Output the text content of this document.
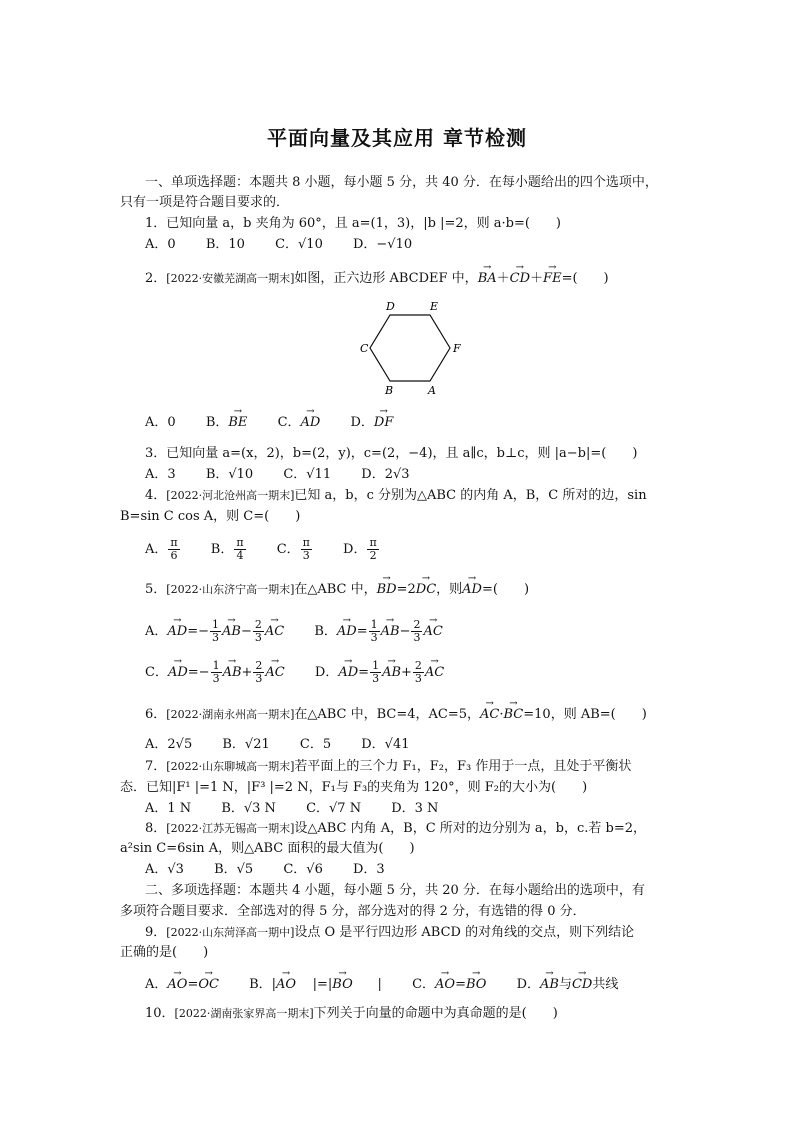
平面向量及其应用 章节检测
一、单项选择题：本题共 8 小题，每小题 5 分，共 40 分．在每小题给出的四个选项中，
只有一项是符合题目要求的．
1．已知向量 a，b 夹角为 60°，且 a=(1，3)，|b |=2，则 a·b=(　　)
A．0 B．10 C．√10 D．−√10
2．[2022·安徽芜湖高一期末]如图，正六边形 ABCDEF 中，→ BA＋→ CD＋→ FE=(　　)
D	E
C	F
B	A
A．0 B．→ BE C．→ AD D．→ DF
3．已知向量 a=(x，2)，b=(2，y)，c=(2，−4)，且 a∥c，b⊥c，则 |a−b|=(　　)
A．3 B．√10 C．√11 D．2√3
4．[2022·河北沧州高一期末]已知 a，b，c 分别为△ABC 的内角 A，B，C 所对的边，sin
B=sin C cos A，则 C=(　　)
A． $\frac{\pi}{6}$ B． $\frac{\pi}{4}$ C． $\frac{\pi}{3}$ D． $\frac{\pi}{2}$
5．[2022·山东济宁高一期末]在△ABC 中，→ BD=2→ DC，则→ AD=(　　)
A．→ $AD=- \frac{1}{3}$
→ $AB- \frac{2}{3}$
→ AC B．→ $AD= \frac{1}{3}$
→ $AB- \frac{2}{3}$
→ AC
C．→ $AD=- \frac{1}{3}$
→ $AB+ \frac{2}{3}$
→ AC D．→ $AD= \frac{1}{3}$
→ $AB+ \frac{2}{3}$
→ AC
6．[2022·湖南永州高一期末]在△ABC 中，BC=4，AC=5，→ AC·→ BC=10，则 AB=(　　)
A．2√5 B．√21 C．5 D．√41
7．[2022·山东聊城高一期末]若平面上的三个力 F₁，F₂，F₃ 作用于一点，且处于平衡状
态．已知|F¹ |=1 N，|F³ |=2 N，F₁与 F₃的夹角为 120°，则 F₂的大小为(　　)
A．1 N B．√3 N C．√7 N D．3 N
8．[2022·江苏无锡高一期末]设△ABC 内角 A，B，C 所对的边分别为 a，b，c.若 b=2，
a²sin C=6sin A，则△ABC 面积的最大值为(　　)
A．√3 B．√5 C．√6 D．3
二、多项选择题：本题共 4 小题，每小题 5 分，共 20 分．在每小题给出的选项中，有
多项符合题目要求．全部选对的得 5 分，部分选对的得 2 分，有选错的得 0 分．
9．[2022·山东菏泽高一期中]设点 O 是平行四边形 ABCD 的对角线的交点，则下列结论
正确的是(　　)
A．→ AO=→ OC B．|→ AO    |=|→ BO      | C．→ AO=→ BO D．→ AB与→ CD共线
10．[2022·湖南张家界高一期末]下列关于向量的命题中为真命题的是(　　)
